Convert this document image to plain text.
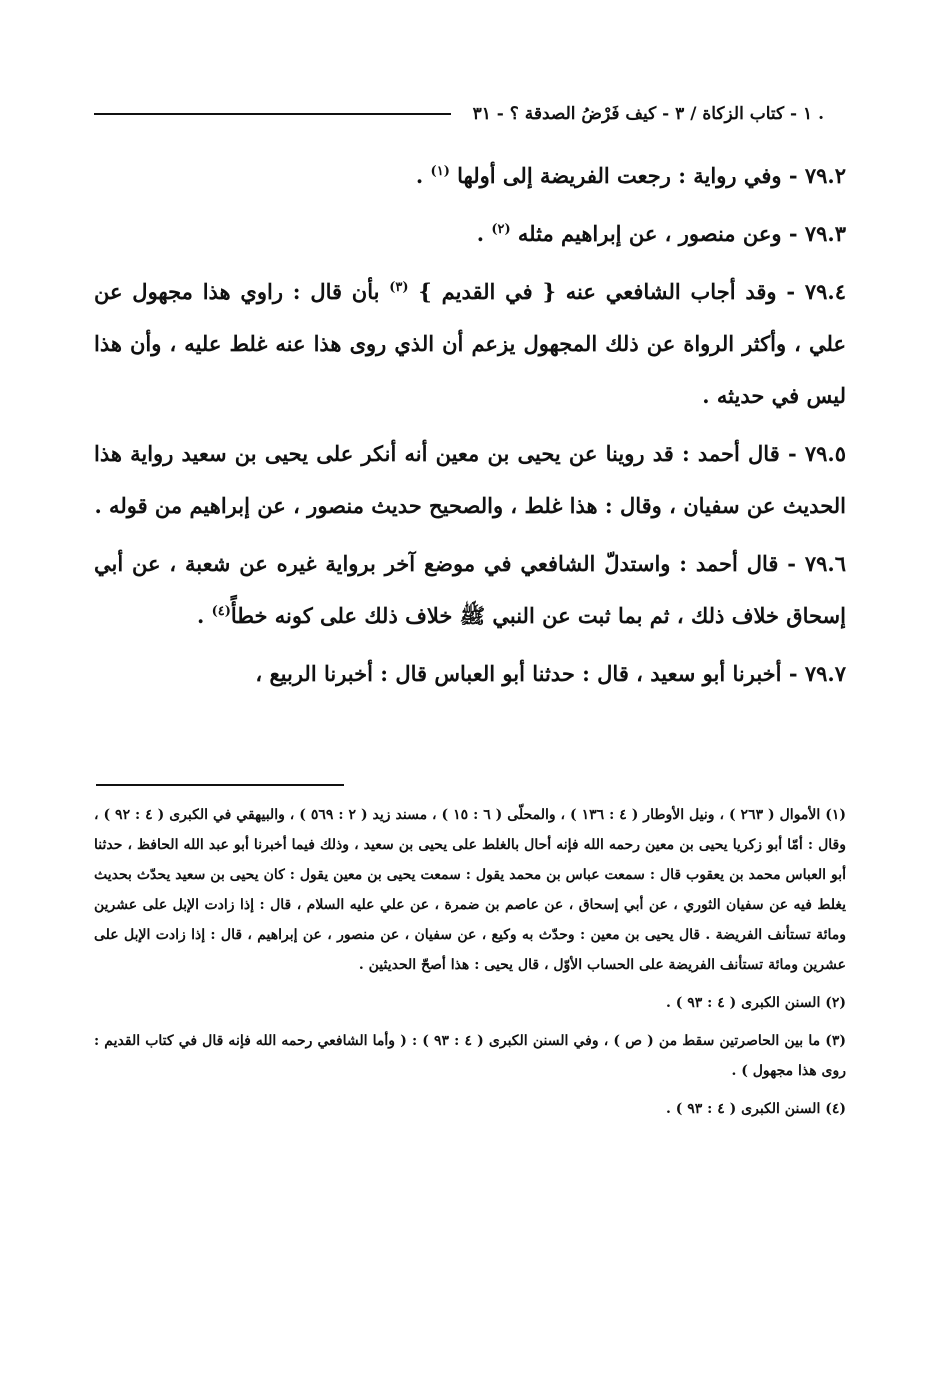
. ١ - كتاب الزكاة / ٣ - كيف فَرْضُ الصدقة ؟ - ٣١

٧٩.٢ - وفي رواية : رجعت الفريضة إلى أولها $^{(١)}$ .

٧٩.٣ - وعن منصور ، عن إبراهيم مثله $^{(٢)}$ .

٧٩.٤ - وقد أجاب الشافعي عنه { في القديم } $^{(٣)}$ بأن قال : راوي هذا مجهول عن علي ، وأكثر الرواة عن ذلك المجهول يزعم أن الذي روى هذا عنه غلط عليه ، وأن هذا ليس في حديثه .

٧٩.٥ - قال أحمد : قد روينا عن يحيى بن معين أنه أنكر على يحيى بن سعيد رواية هذا الحديث عن سفيان ، وقال : هذا غلط ، والصحيح حديث منصور ، عن إبراهيم من قوله .

٧٩.٦ - قال أحمد : واستدلّ الشافعي في موضع آخر برواية غيره عن شعبة ، عن أبي إسحاق خلاف ذلك ، ثم بما ثبت عن النبي ﷺ خلاف ذلك على كونه خطأً$^{(٤)}$ .

٧٩.٧ - أخبرنا أبو سعيد ، قال : حدثنا أبو العباس قال : أخبرنا الربيع ،

(١) الأموال ( ٢٦٣ ) ، ونيل الأوطار ( ٤ : ١٣٦ ) ، والمحلّى ( ٦ : ١٥ ) ، مسند زيد ( ٢ : ٥٦٩ ) ، والبيهقي في الكبرى ( ٤ : ٩٢ ) ، وقال : أمّا أبو زكريا يحيى بن معين رحمه الله فإنه أحال بالغلط على يحيى بن سعيد ، وذلك فيما أخبرنا أبو عبد الله الحافظ ، حدثنا أبو العباس محمد بن يعقوب قال : سمعت عباس بن محمد يقول : سمعت يحيى بن معين يقول : كان يحيى بن سعيد يحدّث بحديث يغلط فيه عن سفيان الثوري ، عن أبي إسحاق ، عن عاصم بن ضمرة ، عن علي عليه السلام ، قال : إذا زادت الإبل على عشرين ومائة تستأنف الفريضة . قال يحيى بن معين : وحدّث به وكيع ، عن سفيان ، عن منصور ، عن إبراهيم ، قال : إذا زادت الإبل على عشرين ومائة تستأنف الفريضة على الحساب الأوّل ، قال يحيى : هذا أصحّ الحديثين .

(٢) السنن الكبرى ( ٤ : ٩٣ ) .

(٣) ما بين الحاصرتين سقط من ( ص ) ، وفي السنن الكبرى ( ٤ : ٩٣ ) : ( وأما الشافعي رحمه الله فإنه قال في كتاب القديم : روى هذا مجهول ) .

(٤) السنن الكبرى ( ٤ : ٩٣ ) .
